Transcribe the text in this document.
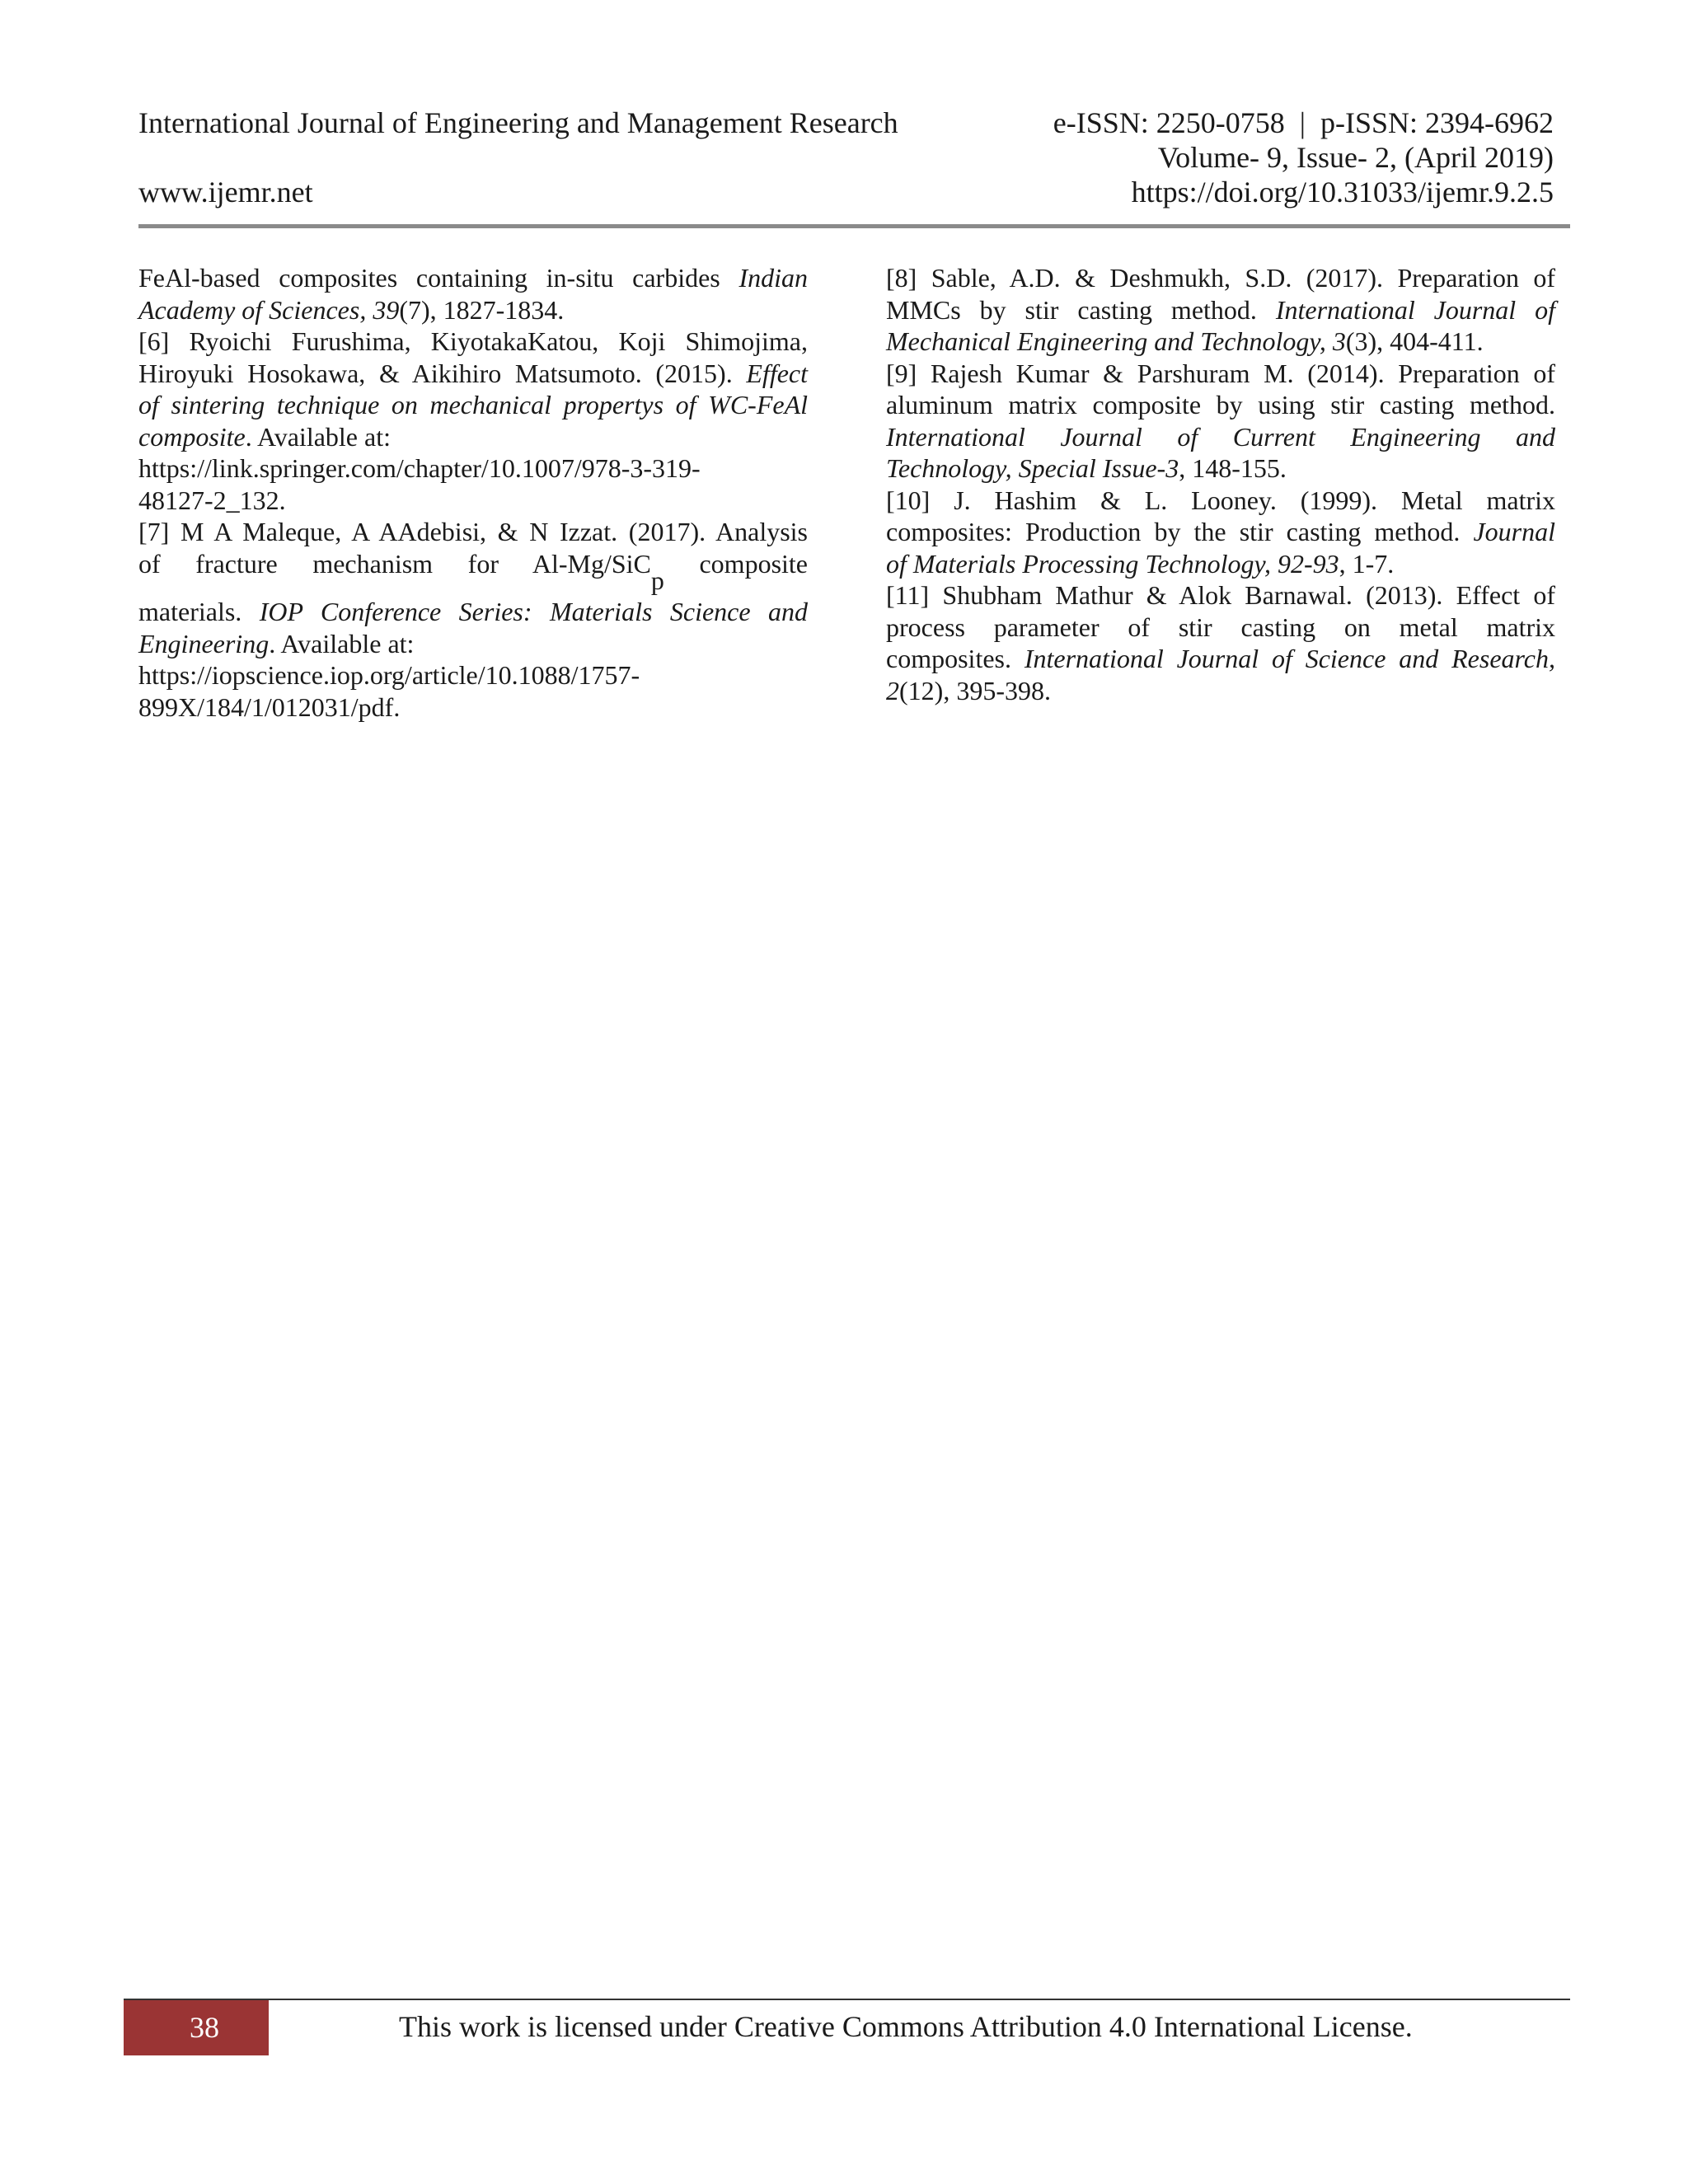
International Journal of Engineering and Management Research	e-ISSN: 2250-0758  |  p-ISSN: 2394-6962
Volume- 9, Issue- 2, (April 2019)
www.ijemr.net	https://doi.org/10.31033/ijemr.9.2.5
FeAl-based composites containing in-situ carbides Indian
Academy of Sciences, 39(7), 1827-1834.
[6] Ryoichi Furushima, KiyotakaKatou, Koji Shimojima,
Hiroyuki Hosokawa, & Aikihiro Matsumoto. (2015). Effect
of sintering technique on mechanical propertys of WC-FeAl
composite. Available at:
https://link.springer.com/chapter/10.1007/978-3-319-
48127-2_132.
[7] M A Maleque, A AAdebisi, & N Izzat. (2017). Analysis
of    fracture    mechanism    for    Al-Mg/SiCp    composite
materials. IOP Conference Series: Materials Science and
Engineering. Available at:
https://iopscience.iop.org/article/10.1088/1757-
899X/184/1/012031/pdf.
[8] Sable, A.D. & Deshmukh, S.D. (2017). Preparation of
MMCs by stir casting method. International Journal of
Mechanical Engineering and Technology, 3(3), 404-411.
[9] Rajesh Kumar & Parshuram M. (2014). Preparation of
aluminum matrix composite by using stir casting method.
International Journal of Current Engineering and
Technology, Special Issue-3, 148-155.
[10] J. Hashim & L. Looney. (1999). Metal matrix
composites: Production by the stir casting method. Journal
of Materials Processing Technology, 92-93, 1-7.
[11] Shubham Mathur & Alok Barnawal. (2013). Effect of
process parameter of stir casting on metal matrix
composites. International Journal of Science and Research,
2(12), 395-398.
38	This work is licensed under Creative Commons Attribution 4.0 International License.
